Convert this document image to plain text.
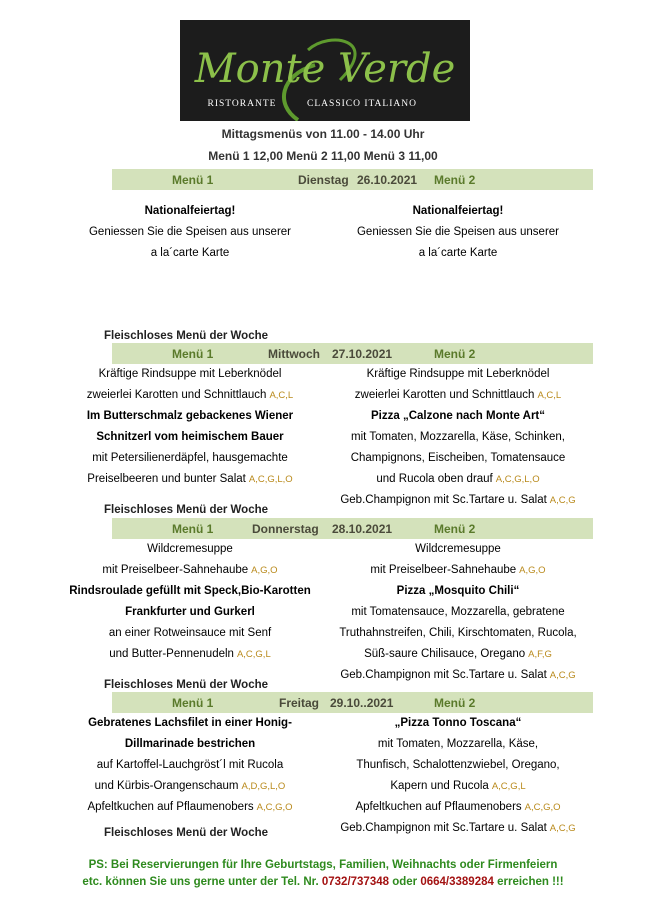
Monte Verde
RISTORANTE	CLASSICO ITALIANO
Mittagsmenüs von 11.00 - 14.00 Uhr
Menü 1 12,00 Menü 2 11,00 Menü 3 11,00
Menü 1	Dienstag 26.10.2021 Menü 2
Nationalfeiertag!
Geniessen Sie die Speisen aus unserer
a la´carte Karte
Nationalfeiertag!
Geniessen Sie die Speisen aus unserer
a la´carte Karte
Fleischloses Menü der Woche
Menü 1	Mittwoch 27.10.2021	Menü 2
Kräftige Rindsuppe mit Leberknödel
zweierlei Karotten und Schnittlauch A,C,L
Im Butterschmalz gebackenes Wiener
Schnitzerl vom heimischem Bauer
mit Petersilienerdäpfel, hausgemachte
Preiselbeeren und bunter Salat A,C,G,L,O
Kräftige Rindsuppe mit Leberknödel
zweierlei Karotten und Schnittlauch A,C,L
Pizza „Calzone nach Monte Art“
mit Tomaten, Mozzarella, Käse, Schinken,
Champignons, Eischeiben, Tomatensauce
und Rucola oben drauf A,C,G,L,O
Geb.Champignon mit Sc.Tartare u. Salat A,C,G
Fleischloses Menü der Woche
Menü 1	Donnerstag 28.10.2021	Menü 2
Wildcremesuppe
mit Preiselbeer-Sahnehaube A,G,O
Rindsroulade gefüllt mit Speck,Bio-Karotten
Frankfurter und Gurkerl
an einer Rotweinsauce mit Senf
und Butter-Pennenudeln A,C,G,L
Wildcremesuppe
mit Preiselbeer-Sahnehaube A,G,O
Pizza „Mosquito Chili“
mit Tomatensauce, Mozzarella, gebratene
Truthahnstreifen, Chili, Kirschtomaten, Rucola,
Süß-saure Chilisauce, Oregano A,F,G
Geb.Champignon mit Sc.Tartare u. Salat A,C,G
Fleischloses Menü der Woche
Menü 1	Freitag 29.10..2021	Menü 2
Gebratenes Lachsfilet in einer Honig-
Dillmarinade bestrichen
auf Kartoffel-Lauchgröst´l mit Rucola
und Kürbis-Orangenschaum A,D,G,L,O
Apfeltkuchen auf Pflaumenobers A,C,G,O
„Pizza Tonno Toscana“
mit Tomaten, Mozzarella, Käse,
Thunfisch, Schalottenzwiebel, Oregano,
Kapern und Rucola A,C,G,L
Apfeltkuchen auf Pflaumenobers A,C,G,O
Geb.Champignon mit Sc.Tartare u. Salat A,C,G
Fleischloses Menü der Woche
PS: Bei Reservierungen für Ihre Geburtstags, Familien, Weihnachts oder Firmenfeiern
etc. können Sie uns gerne unter der Tel. Nr. 0732/737348 oder 0664/3389284 erreichen !!!
